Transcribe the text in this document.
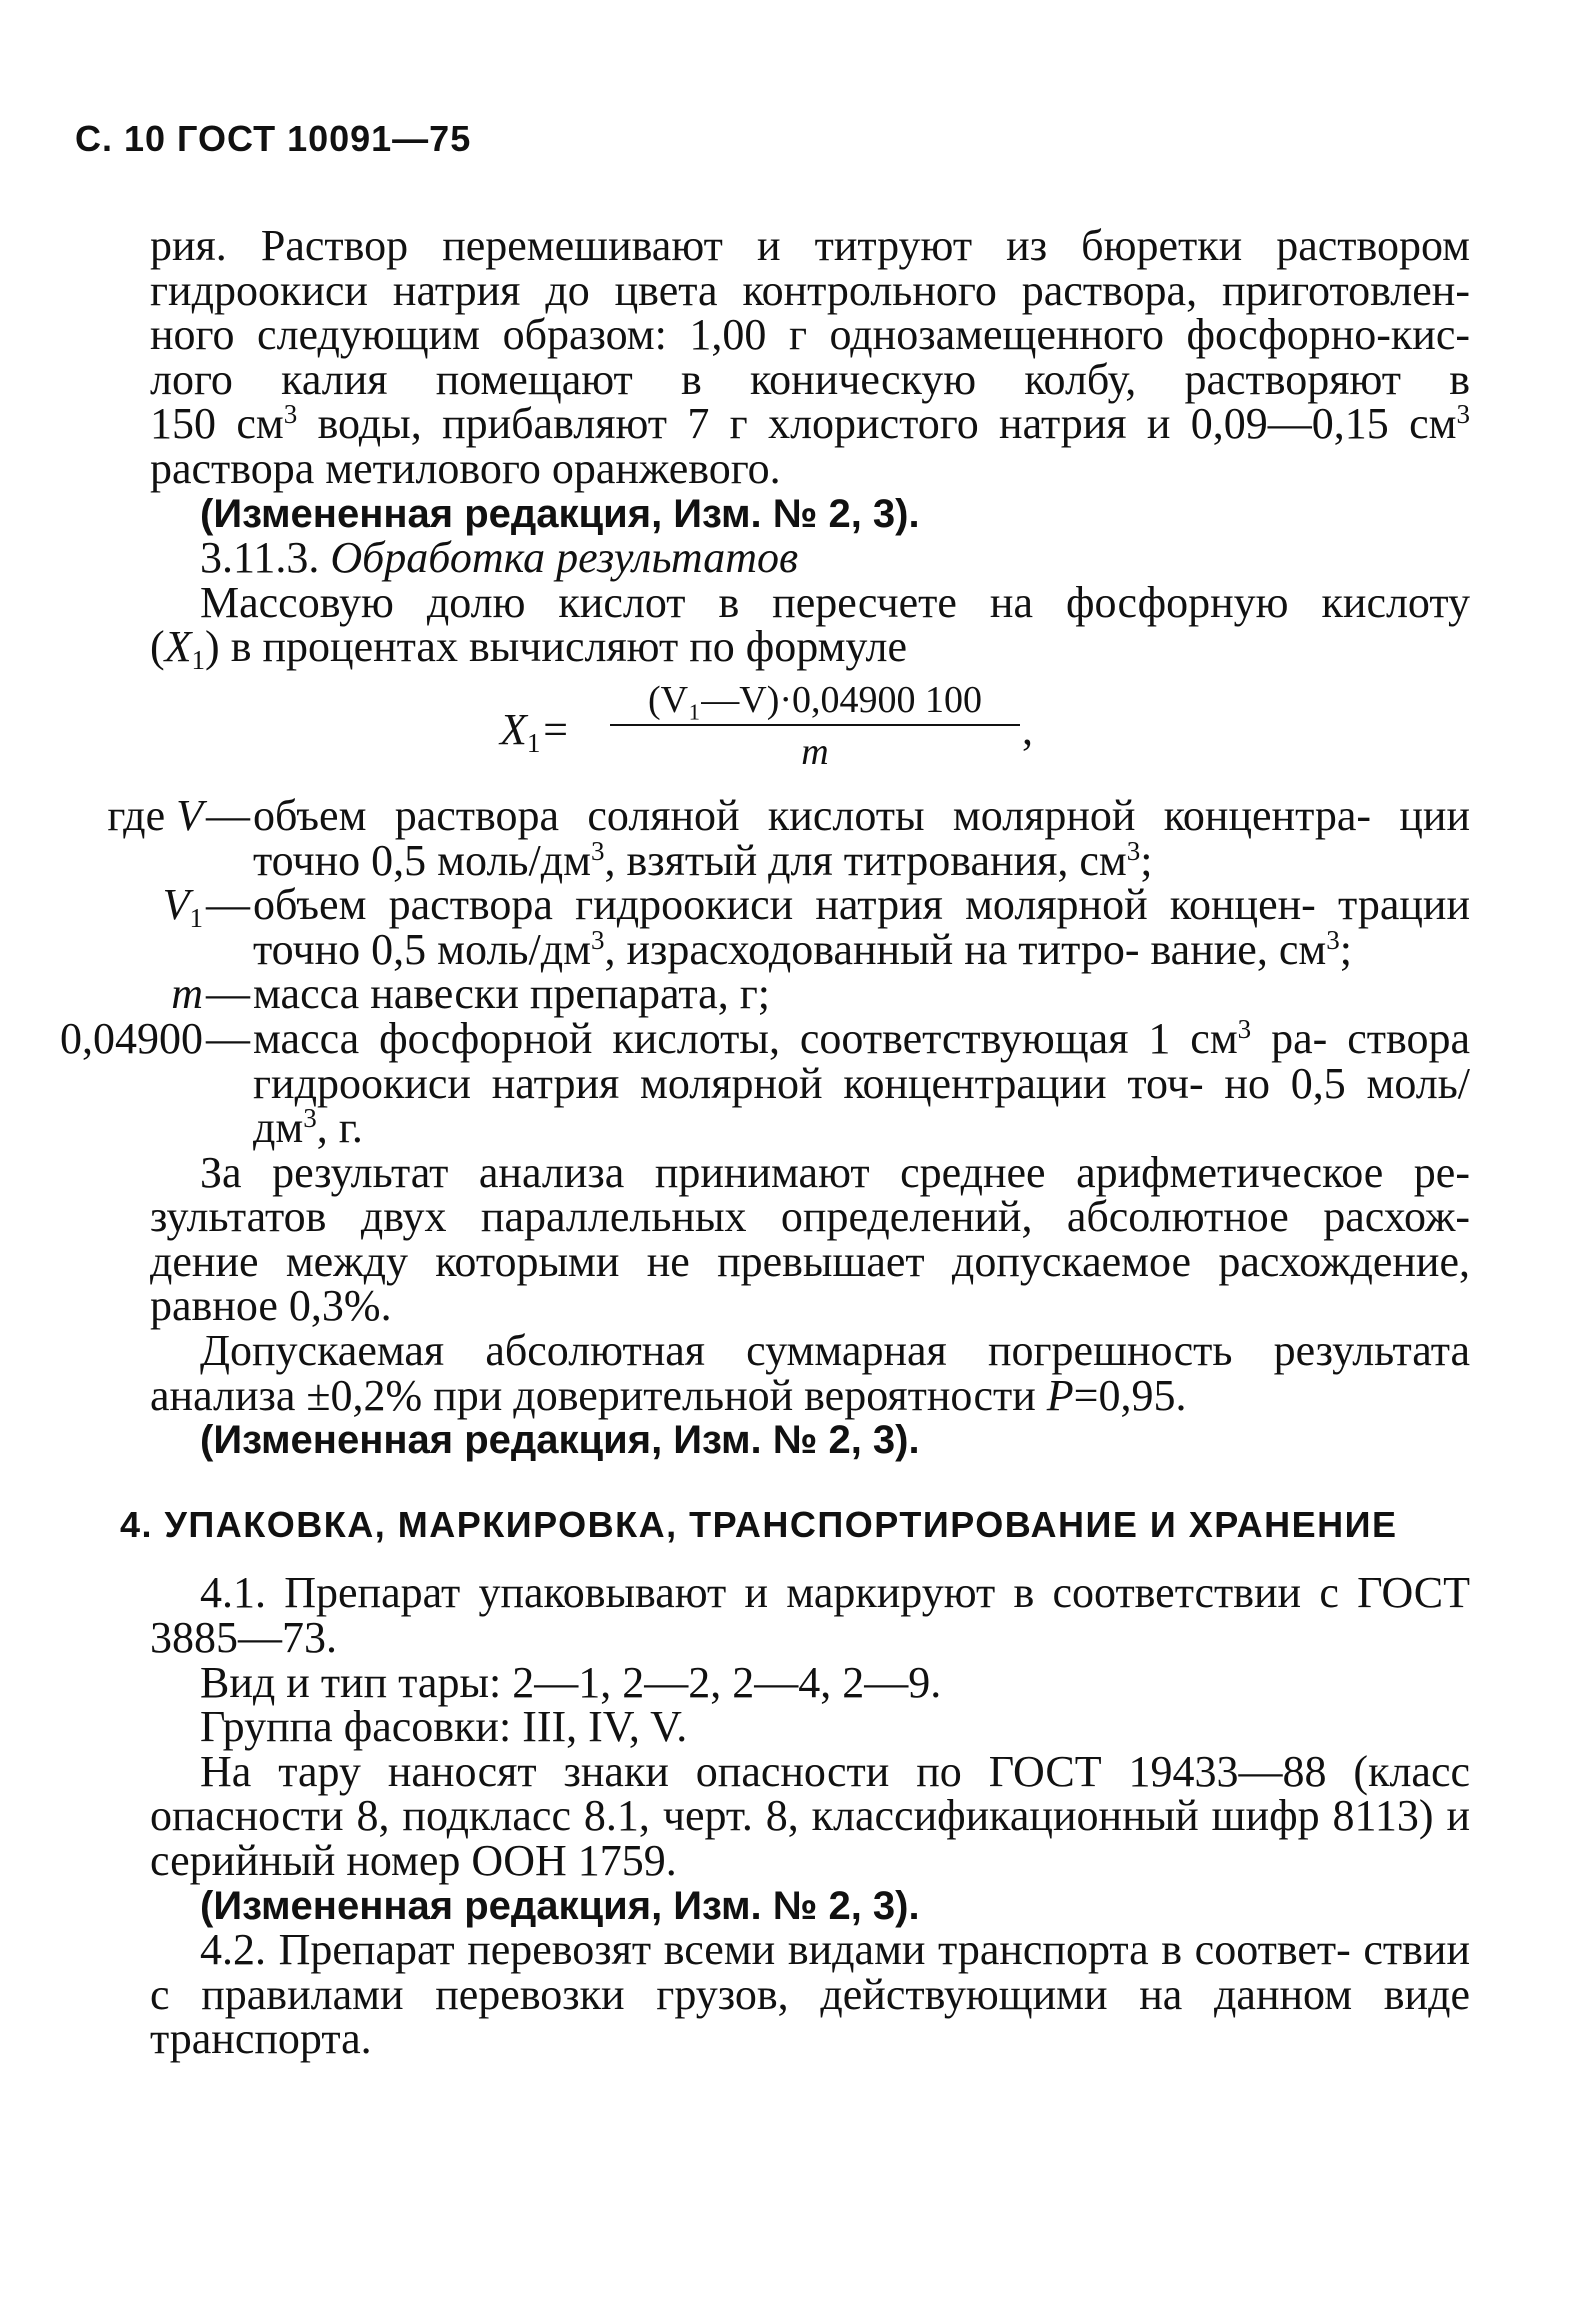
С. 10 ГОСТ 10091—75

рия. Раствор перемешивают и титруют из бюретки раствором

гидроокиси натрия до цвета контрольного раствора, приготовлен-

ного следующим образом: 1,00 г однозамещенного фосфорно-кис-

лого калия помещают в коническую колбу, растворяют в

150 $см^3$ воды, прибавляют 7 г хлористого натрия и 0,09—0,15 $см^3$

раствора метилового оранжевого.

(Измененная редакция, Изм. № 2, 3).

3.11.3. Обработка результатов

Массовую долю кислот в пересчете на фосфорную кислоту

$(X_1)$ в процентах вычисляют по формуле

$X_1=$
(V₁—V)·0,04900 100
m	,
где V — объем раствора соляной кислоты молярной концентра- ции точно 0,5 моль/$дм^3$, взятый для титрования, $см^3$;
$V_1$ — объем раствора гидроокиси натрия молярной концен- трации точно 0,5 моль/$дм^3$, израсходованный на титро- вание, $см^3$;
m — масса навески препарата, г;
0,04900 — масса фосфорной кислоты, соответствующая 1 $см^3$ ра- створа гидроокиси натрия молярной концентрации точ- но 0,5 моль/$дм^3$, г.

За результат анализа принимают среднее арифметическое ре- зультатов двух параллельных определений, абсолютное расхож- дение между которыми не превышает допускаемое расхождение, равное 0,3%.

Допускаемая абсолютная суммарная погрешность результата анализа ±0,2% при доверительной вероятности P=0,95.

(Измененная редакция, Изм. № 2, 3).

4. УПАКОВКА, МАРКИРОВКА, ТРАНСПОРТИРОВАНИЕ И ХРАНЕНИЕ

4.1. Препарат упаковывают и маркируют в соответствии с ГОСТ 3885—73.

Вид и тип тары: 2—1, 2—2, 2—4, 2—9.

Группа фасовки: III, IV, V.

На тару наносят знаки опасности по ГОСТ 19433—88 (класс опасности 8, подкласс 8.1, черт. 8, классификационный шифр 8113) и серийный номер ООН 1759.

(Измененная редакция, Изм. № 2, 3).

4.2. Препарат перевозят всеми видами транспорта в соответ- ствии с правилами перевозки грузов, действующими на данном виде транспорта.
